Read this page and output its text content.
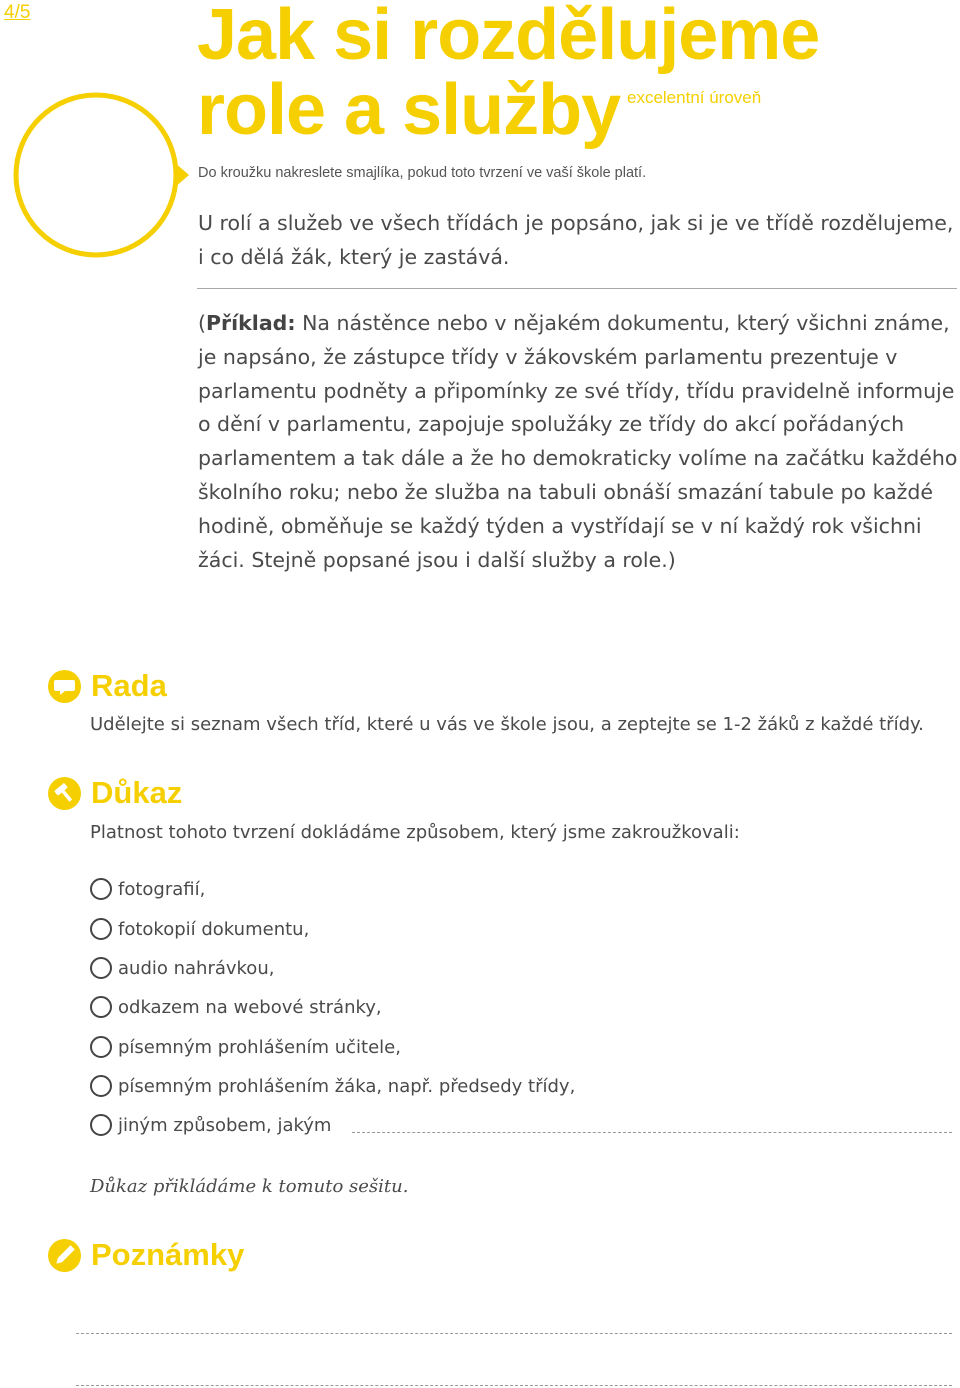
4/5 Jak si rozdělujeme
role a služby excelentní úroveň
Do kroužku nakreslete smajlíka, pokud toto tvrzení ve vaší škole platí.
U rolí a služeb ve všech třídách je popsáno, jak si je ve třídě rozdělujeme, i co dělá žák, který je zastává.
(Příklad: Na nástěnce nebo v nějakém dokumentu, který všichni známe, je napsáno, že zástupce třídy v žákovském parlamentu prezentuje v parlamentu podněty a připomínky ze své třídy, třídu pravidelně informuje o dění v parlamentu, zapojuje spolužáky ze třídy do akcí pořádaných parlamentem a tak dále a že ho demokraticky volíme na začátku každého školního roku; nebo že služba na tabuli obnáší smazání tabule po každé hodině, obměňuje se každý týden a vystřídají se v ní každý rok všichni žáci. Stejně popsané jsou i další služby a role.)
Rada
Udělejte si seznam všech tříd, které u vás ve škole jsou, a zeptejte se 1-2 žáků z každé třídy.
Důkaz
Platnost tohoto tvrzení dokládáme způsobem, který jsme zakroužkovali:
fotografií,
fotokopií dokumentu,
audio nahrávkou,
odkazem na webové stránky,
písemným prohlášením učitele,
písemným prohlášením žáka, např. předsedy třídy,
jiným způsobem, jakým
Důkaz přikládáme k tomuto sešitu.
Poznámky
